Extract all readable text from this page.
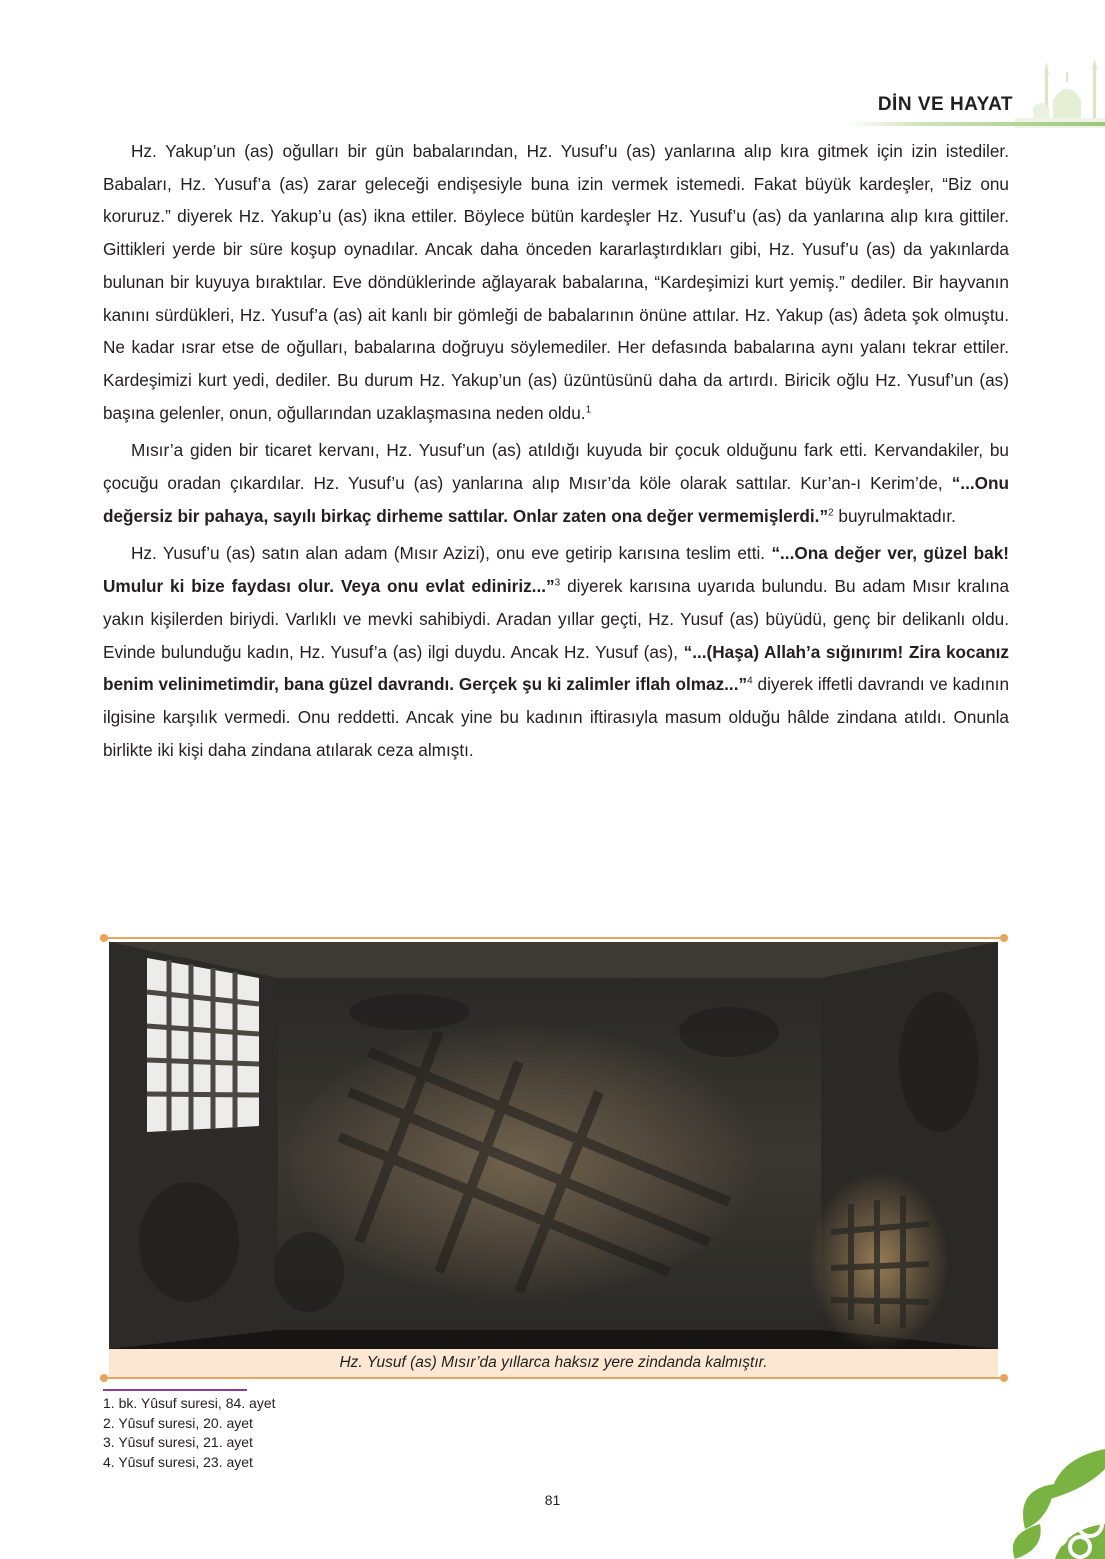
DİN VE HAYAT

Hz. Yakup’un (as) oğulları bir gün babalarından, Hz. Yusuf’u (as) yanlarına alıp kıra gitmek için izin istediler. Babaları, Hz. Yusuf’a (as) zarar geleceği endişesiyle buna izin vermek istemedi. Fakat büyük kardeşler, “Biz onu koruruz.” diyerek Hz. Yakup’u (as) ikna ettiler. Böylece bütün kardeşler Hz. Yusuf’u (as) da yanlarına alıp kıra gittiler. Gittikleri yerde bir süre koşup oynadılar. Ancak daha önceden kararlaştırdıkları gibi, Hz. Yusuf’u (as) da yakınlarda bulunan bir kuyuya bıraktılar. Eve döndüklerinde ağlayarak babalarına, “Kardeşimizi kurt yemiş.” dediler. Bir hayvanın kanını sürdükleri, Hz. Yusuf’a (as) ait kanlı bir gömleği de babalarının önüne attılar. Hz. Yakup (as) âdeta şok olmuştu. Ne kadar ısrar etse de oğulları, babalarına doğruyu söylemediler. Her defasında babalarına aynı yalanı tekrar ettiler. Kardeşimizi kurt yedi, dediler. Bu durum Hz. Yakup’un (as) üzüntüsünü daha da artırdı. Biricik oğlu Hz. Yusuf’un (as) başına gelenler, onun, oğullarından uzaklaşmasına neden oldu.$^1$

Mısır’a giden bir ticaret kervanı, Hz. Yusuf’un (as) atıldığı kuyuda bir çocuk olduğunu fark etti. Kervandakiler, bu çocuğu oradan çıkardılar. Hz. Yusuf’u (as) yanlarına alıp Mısır’da köle olarak sattılar. Kur’an-ı Kerim’de, “...Onu değersiz bir pahaya, sayılı birkaç dirheme sattılar. Onlar zaten ona değer vermemişlerdi.”$^2$ buyrulmaktadır.

Hz. Yusuf’u (as) satın alan adam (Mısır Azizi), onu eve getirip karısına teslim etti. “...Ona değer ver, güzel bak! Umulur ki bize faydası olur. Veya onu evlat ediniriz...”$^3$ diyerek karısına uyarıda bulundu. Bu adam Mısır kralına yakın kişilerden biriydi. Varlıklı ve mevki sahibiydi. Aradan yıllar geçti, Hz. Yusuf (as) büyüdü, genç bir delikanlı oldu. Evinde bulunduğu kadın, Hz. Yusuf’a (as) ilgi duydu. Ancak Hz. Yusuf (as), “...(Haşa) Allah’a sığınırım! Zira kocanız benim velinimetimdir, bana güzel davrandı. Gerçek şu ki zalimler iflah olmaz...”$^4$ diyerek iffetli davrandı ve kadının ilgisine karşılık vermedi. Onu reddetti. Ancak yine bu kadının iftirasıyla masum olduğu hâlde zindana atıldı. Onunla birlikte iki kişi daha zindana atılarak ceza almıştı.

Hz. Yusuf (as) Mısır’da yıllarca haksız yere zindanda kalmıştır.
1. bk. Yûsuf suresi, 84. ayet
2. Yûsuf suresi, 20. ayet
3. Yûsuf suresi, 21. ayet
4. Yûsuf suresi, 23. ayet
81
